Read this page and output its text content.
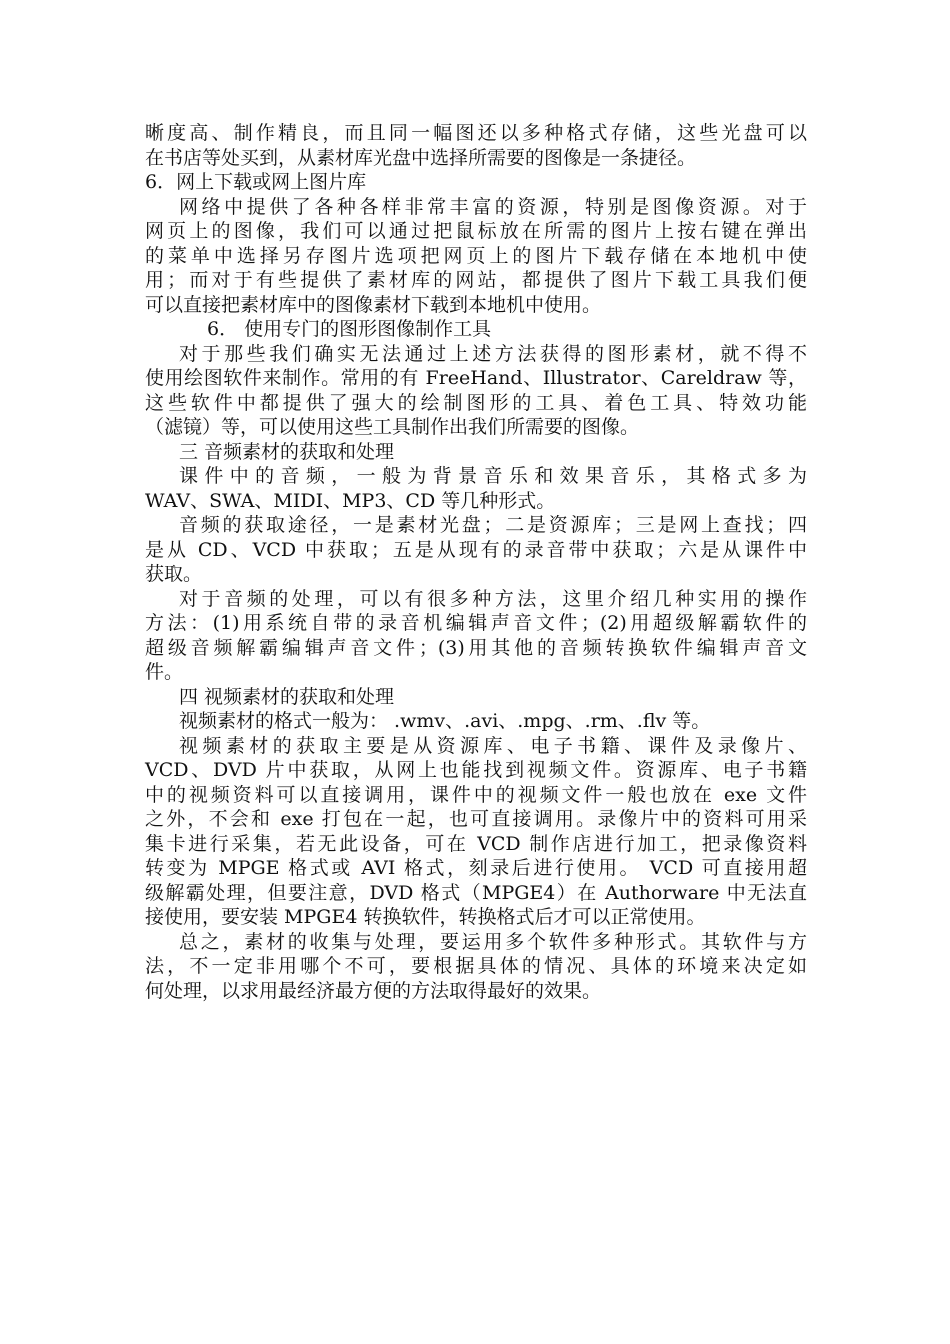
晰度高、制作精良，而且同一幅图还以多种格式存储，这些光盘可以
在书店等处买到，从素材库光盘中选择所需要的图像是一条捷径。
6．网上下载或网上图片库
网络中提供了各种各样非常丰富的资源，特别是图像资源。对于
网页上的图像，我们可以通过把鼠标放在所需的图片上按右键在弹出
的菜单中选择另存图片选项把网页上的图片下载存储在本地机中使
用；而对于有些提供了素材库的网站，都提供了图片下载工具我们便
可以直接把素材库中的图像素材下载到本地机中使用。
6． 使用专门的图形图像制作工具
对于那些我们确实无法通过上述方法获得的图形素材，就不得不
使用绘图软件来制作。常用的有 FreeHand、Illustrator、Careldraw 等，
这些软件中都提供了强大的绘制图形的工具、着色工具、特效功能
（滤镜）等，可以使用这些工具制作出我们所需要的图像。
三 音频素材的获取和处理
课件中的音频，一般为背景音乐和效果音乐，其格式多为
WAV、SWA、MIDI、MP3、CD 等几种形式。
音频的获取途径，一是素材光盘；二是资源库；三是网上查找；四
是从 CD、VCD 中获取；五是从现有的录音带中获取；六是从课件中
获取。
对于音频的处理，可以有很多种方法，这里介绍几种实用的操作
方法：(1)用系统自带的录音机编辑声音文件；(2)用超级解霸软件的
超级音频解霸编辑声音文件；(3)用其他的音频转换软件编辑声音文
件。
四 视频素材的获取和处理
视频素材的格式一般为： .wmv、.avi、.mpg、.rm、.flv 等。
视频素材的获取主要是从资源库、电子书籍、课件及录像片、
VCD、DVD 片中获取，从网上也能找到视频文件。资源库、电子书籍
中的视频资料可以直接调用，课件中的视频文件一般也放在 exe 文件
之外，不会和 exe 打包在一起，也可直接调用。录像片中的资料可用采
集卡进行采集，若无此设备，可在 VCD 制作店进行加工，把录像资料
转变为 MPGE 格式或 AVI 格式，刻录后进行使用。 VCD 可直接用超
级解霸处理，但要注意，DVD 格式（MPGE4）在 Authorware 中无法直
接使用，要安装 MPGE4 转换软件，转换格式后才可以正常使用。
总之，素材的收集与处理，要运用多个软件多种形式。其软件与方
法，不一定非用哪个不可，要根据具体的情况、具体的环境来决定如
何处理，以求用最经济最方便的方法取得最好的效果。
